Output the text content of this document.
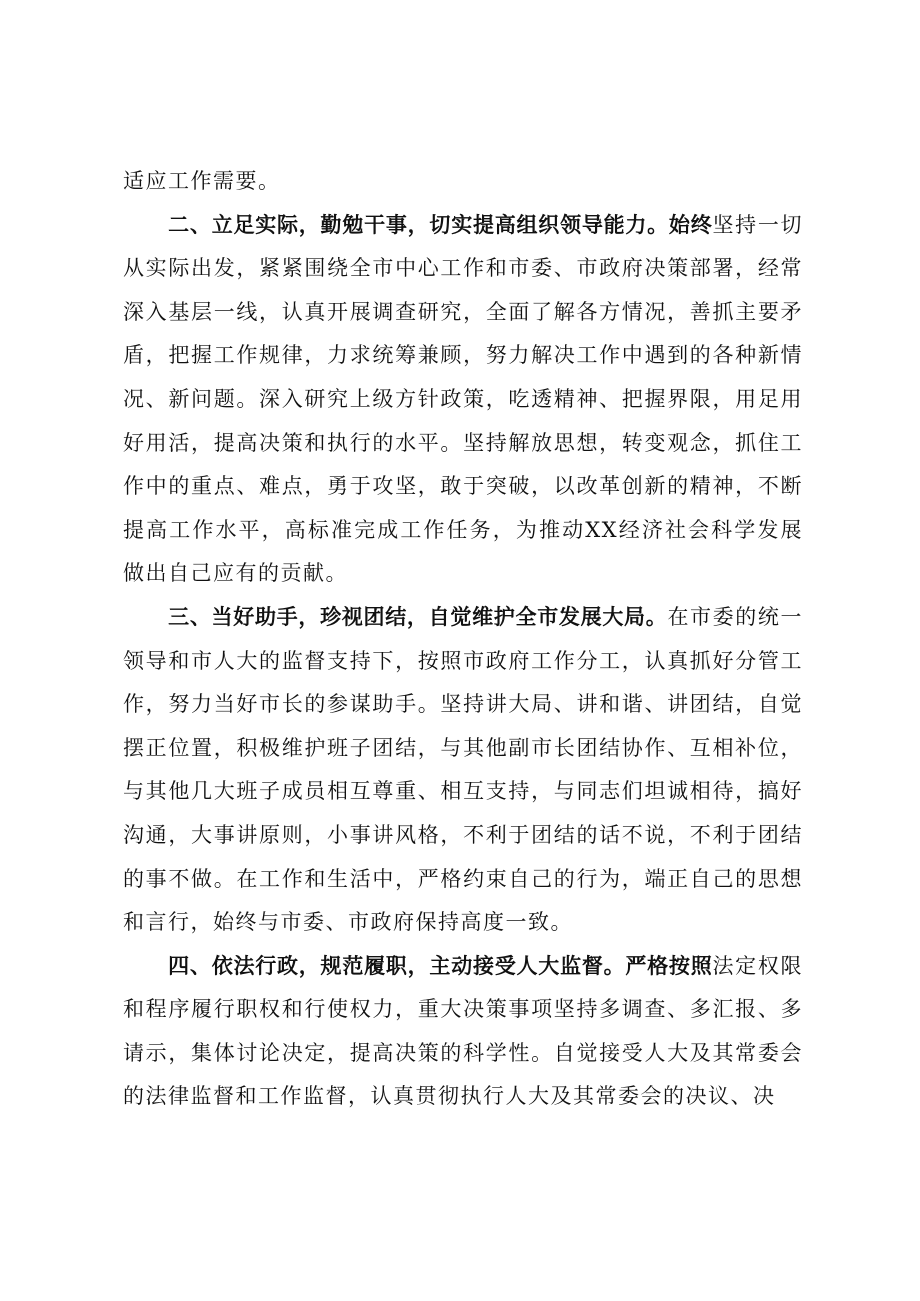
适应工作需要。

二、立足实际，勤勉干事，切实提高组织领导能力。始终坚持一切从实际出发，紧紧围绕全市中心工作和市委、市政府决策部署，经常深入基层一线，认真开展调查研究，全面了解各方情况，善抓主要矛盾，把握工作规律，力求统筹兼顾，努力解决工作中遇到的各种新情况、新问题。深入研究上级方针政策，吃透精神、把握界限，用足用好用活，提高决策和执行的水平。坚持解放思想，转变观念，抓住工作中的重点、难点，勇于攻坚，敢于突破，以改革创新的精神，不断提高工作水平，高标准完成工作任务，为推动XX经济社会科学发展做出自己应有的贡献。

三、当好助手，珍视团结，自觉维护全市发展大局。在市委的统一领导和市人大的监督支持下，按照市政府工作分工，认真抓好分管工作，努力当好市长的参谋助手。坚持讲大局、讲和谐、讲团结，自觉摆正位置，积极维护班子团结，与其他副市长团结协作、互相补位，与其他几大班子成员相互尊重、相互支持，与同志们坦诚相待，搞好沟通，大事讲原则，小事讲风格，不利于团结的话不说，不利于团结的事不做。在工作和生活中，严格约束自己的行为，端正自己的思想和言行，始终与市委、市政府保持高度一致。

四、依法行政，规范履职，主动接受人大监督。严格按照法定权限和程序履行职权和行使权力，重大决策事项坚持多调查、多汇报、多请示，集体讨论决定，提高决策的科学性。自觉接受人大及其常委会的法律监督和工作监督，认真贯彻执行人大及其常委会的决议、决
